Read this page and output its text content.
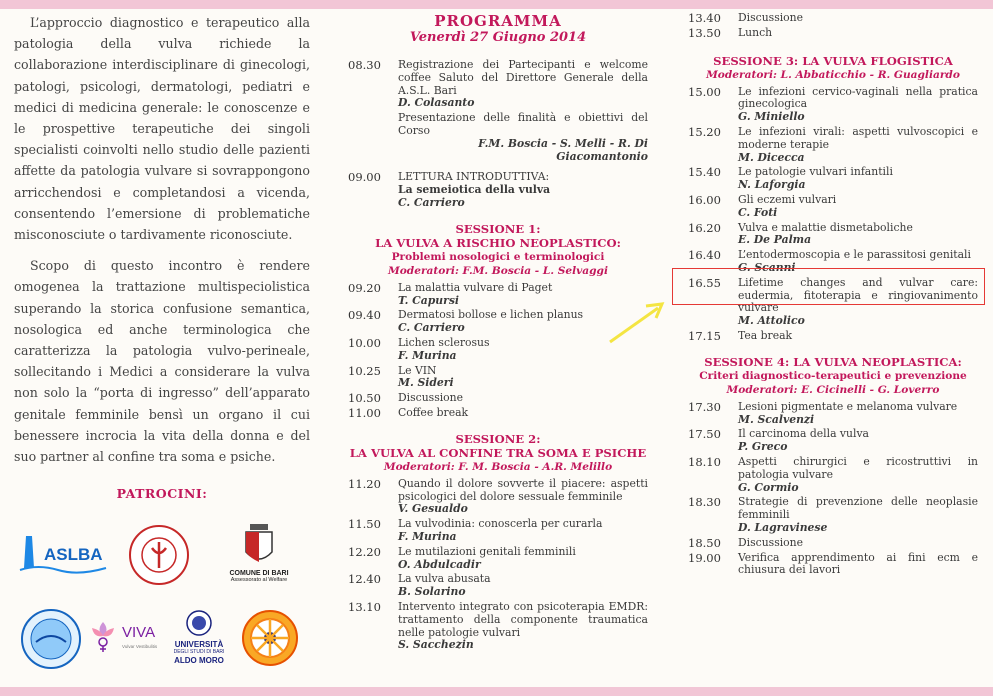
L’approccio diagnostico e terapeutico alla patologia della vulva richiede la collaborazione interdisciplinare di ginecologi, patologi, psicologi, dermatologi, pediatri e medici di medicina generale: le conoscenze e le prospettive terapeutiche dei singoli specialisti coinvolti nello studio delle pazienti affette da patologia vulvare si sovrappongono arricchendosi e completandosi a vicenda, consentendo l’emersione di problematiche misconosciute o tardivamente riconosciute.

Scopo di questo incontro è rendere omogenea la trattazione multispeciolistica superando la storica confusione semantica, nosologica ed anche terminologica che caratterizza la patologia vulvo-perineale, sollecitando i Medici a considerare la vulva non solo la “porta di ingresso” dell’apparato genitale femminile bensì un organo il cui benessere incrocia la vita della donna e del suo partner al confine tra soma e psiche.

PATROCINI:
ASLBA
COMUNE DI BARI
Assessorato al Welfare
VIVA
Vulvar Vestibulitis	UNIVERSITÀ
DEGLI STUDI DI BARI
ALDO MORO
PROGRAMMA
Venerdì 27 Giugno 2014
08.30	Registrazione dei Partecipanti e welcome coffee Saluto del Direttore Generale della A.S.L. Bari
D. Colasanto
Presentazione delle finalità e obiettivi del Corso
F.M. Boscia - S. Melli - R. Di Giacomantonio
09.00	LETTURA INTRODUTTIVA:
La semeiotica della vulva
C. Carriero
SESSIONE 1:
LA VULVA A RISCHIO NEOPLASTICO:
Problemi nosologici e terminologici
Moderatori: F.M. Boscia - L. Selvaggi
09.20	La malattia vulvare di Paget
T. Capursi
09.40	Dermatosi bollose e lichen planus
C. Carriero
10.00	Lichen sclerosus
F. Murina
10.25	Le VIN
M. Sideri
10.50	Discussione
11.00	Coffee break
SESSIONE 2:
LA VULVA AL CONFINE TRA SOMA E PSICHE
Moderatori: F. M. Boscia - A.R. Melillo
11.20	Quando il dolore sovverte il piacere: aspetti psicologici del dolore sessuale femminile
V. Gesualdo
11.50	La vulvodinia: conoscerla per curarla
F. Murina
12.20	Le mutilazioni genitali femminili
O. Abdulcadir
12.40	La vulva abusata
B. Solarino
13.10	Intervento integrato con psicoterapia EMDR: trattamento della componente traumatica nelle patologie vulvari
S. Sacchezin
13.40	Discussione
13.50	Lunch
SESSIONE 3: LA VULVA FLOGISTICA
Moderatori: L. Abbaticchio - R. Guagliardo
15.00	Le infezioni cervico-vaginali nella pratica ginecologica
G. Miniello
15.20	Le infezioni virali: aspetti vulvoscopici e moderne terapie
M. Dicecca
15.40	Le patologie vulvari infantili
N. Laforgia
16.00	Gli eczemi vulvari
C. Foti
16.20	Vulva e malattie dismetaboliche
E. De Palma
16.40	L’entodermoscopia e le parassitosi genitali
G. Scanni
16.55	Lifetime changes and vulvar care: eudermia, fitoterapia e ringiovanimento vulvare
M. Attolico
17.15	Tea break
SESSIONE 4: LA VULVA NEOPLASTICA:
Criteri diagnostico-terapeutici e prevenzione
Moderatori: E. Cicinelli - G. Loverro
17.30	Lesioni pigmentate e melanoma vulvare
M. Scalvenzi
17.50	Il carcinoma della vulva
P. Greco
18.10	Aspetti chirurgici e ricostruttivi in patologia vulvare
G. Cormio
18.30	Strategie di prevenzione delle neoplasie femminili
D. Lagravinese
18.50	Discussione
19.00	Verifica apprendimento ai fini ecm e chiusura dei lavori
